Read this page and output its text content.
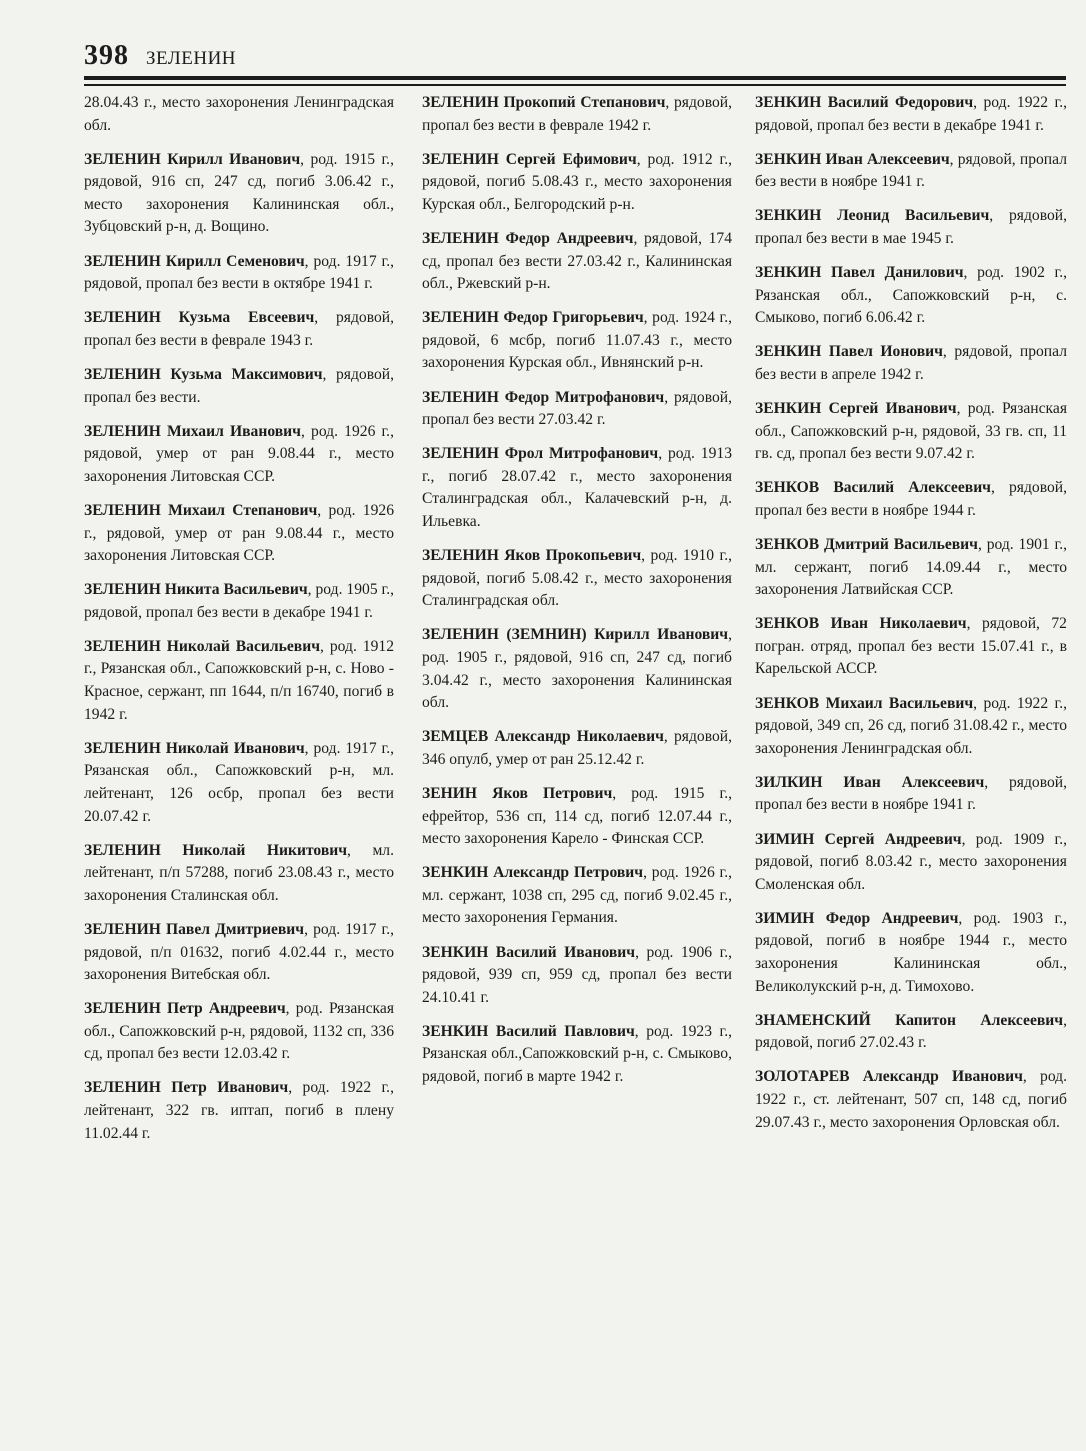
398 ЗЕЛЕНИН

28.04.43 г., место захоронения Ленинградская обл.

ЗЕЛЕНИН Кирилл Иванович, род. 1915 г., рядовой, 916 сп, 247 сд, погиб 3.06.42 г., место захоронения Калининская обл., Зубцовский р-н, д. Вощино.

ЗЕЛЕНИН Кирилл Семенович, род. 1917 г., рядовой, пропал без вести в октябре 1941 г.

ЗЕЛЕНИН Кузьма Евсеевич, рядовой, пропал без вести в феврале 1943 г.

ЗЕЛЕНИН Кузьма Максимович, рядовой, пропал без вести.

ЗЕЛЕНИН Михаил Иванович, род. 1926 г., рядовой, умер от ран 9.08.44 г., место захоронения Литовская ССР.

ЗЕЛЕНИН Михаил Степанович, род. 1926 г., рядовой, умер от ран 9.08.44 г., место захоронения Литовская ССР.

ЗЕЛЕНИН Никита Васильевич, род. 1905 г., рядовой, пропал без вести в декабре 1941 г.

ЗЕЛЕНИН Николай Васильевич, род. 1912 г., Рязанская обл., Сапожковский р-н, с. Ново - Красное, сержант, пп 1644, п/п 16740, погиб в 1942 г.

ЗЕЛЕНИН Николай Иванович, род. 1917 г., Рязанская обл., Сапожковский р-н, мл. лейтенант, 126 осбр, пропал без вести 20.07.42 г.

ЗЕЛЕНИН Николай Никитович, мл. лейтенант, п/п 57288, погиб 23.08.43 г., место захоронения Сталинская обл.

ЗЕЛЕНИН Павел Дмитриевич, род. 1917 г., рядовой, п/п 01632, погиб 4.02.44 г., место захоронения Витебская обл.

ЗЕЛЕНИН Петр Андреевич, род. Рязанская обл., Сапожковский р-н, рядовой, 1132 сп, 336 сд, пропал без вести 12.03.42 г.

ЗЕЛЕНИН Петр Иванович, род. 1922 г., лейтенант, 322 гв. иптап, погиб в плену 11.02.44 г.

ЗЕЛЕНИН Прокопий Степанович, рядовой, пропал без вести в феврале 1942 г.

ЗЕЛЕНИН Сергей Ефимович, род. 1912 г., рядовой, погиб 5.08.43 г., место захоронения Курская обл., Белгородский р-н.

ЗЕЛЕНИН Федор Андреевич, рядовой, 174 сд, пропал без вести 27.03.42 г., Калининская обл., Ржевский р-н.

ЗЕЛЕНИН Федор Григорьевич, род. 1924 г., рядовой, 6 мсбр, погиб 11.07.43 г., место захоронения Курская обл., Ивнянский р-н.

ЗЕЛЕНИН Федор Митрофанович, рядовой, пропал без вести 27.03.42 г.

ЗЕЛЕНИН Фрол Митрофанович, род. 1913 г., погиб 28.07.42 г., место захоронения Сталинградская обл., Калачевский р-н, д. Ильевка.

ЗЕЛЕНИН Яков Прокопьевич, род. 1910 г., рядовой, погиб 5.08.42 г., место захоронения Сталинградская обл.

ЗЕЛЕНИН (ЗЕМНИН) Кирилл Иванович, род. 1905 г., рядовой, 916 сп, 247 сд, погиб 3.04.42 г., место захоронения Калининская обл.

ЗЕМЦЕВ Александр Николаевич, рядовой, 346 опулб, умер от ран 25.12.42 г.

ЗЕНИН Яков Петрович, род. 1915 г., ефрейтор, 536 сп, 114 сд, погиб 12.07.44 г., место захоронения Карело - Финская ССР.

ЗЕНКИН Александр Петрович, род. 1926 г., мл. сержант, 1038 сп, 295 сд, погиб 9.02.45 г., место захоронения Германия.

ЗЕНКИН Василий Иванович, род. 1906 г., рядовой, 939 сп, 959 сд, пропал без вести 24.10.41 г.

ЗЕНКИН Василий Павлович, род. 1923 г., Рязанская обл.,Сапожковский р-н, с. Смыково, рядовой, погиб в марте 1942 г.

ЗЕНКИН Василий Федорович, род. 1922 г., рядовой, пропал без вести в декабре 1941 г.

ЗЕНКИН Иван Алексеевич, рядовой, пропал без вести в ноябре 1941 г.

ЗЕНКИН Леонид Васильевич, рядовой, пропал без вести в мае 1945 г.

ЗЕНКИН Павел Данилович, род. 1902 г., Рязанская обл., Сапожковский р-н, с. Смыково, погиб 6.06.42 г.

ЗЕНКИН Павел Ионович, рядовой, пропал без вести в апреле 1942 г.

ЗЕНКИН Сергей Иванович, род. Рязанская обл., Сапожковский р-н, рядовой, 33 гв. сп, 11 гв. сд, пропал без вести 9.07.42 г.

ЗЕНКОВ Василий Алексеевич, рядовой, пропал без вести в ноябре 1944 г.

ЗЕНКОВ Дмитрий Васильевич, род. 1901 г., мл. сержант, погиб 14.09.44 г., место захоронения Латвийская ССР.

ЗЕНКОВ Иван Николаевич, рядовой, 72 погран. отряд, пропал без вести 15.07.41 г., в Карельской АССР.

ЗЕНКОВ Михаил Васильевич, род. 1922 г., рядовой, 349 сп, 26 сд, погиб 31.08.42 г., место захоронения Ленинградская обл.

ЗИЛКИН Иван Алексеевич, рядовой, пропал без вести в ноябре 1941 г.

ЗИМИН Сергей Андреевич, род. 1909 г., рядовой, погиб 8.03.42 г., место захоронения Смоленская обл.

ЗИМИН Федор Андреевич, род. 1903 г., рядовой, погиб в ноябре 1944 г., место захоронения Калининская обл., Великолукский р-н, д. Тимохово.

ЗНАМЕНСКИЙ Капитон Алексеевич, рядовой, погиб 27.02.43 г.

ЗОЛОТАРЕВ Александр Иванович, род. 1922 г., ст. лейтенант, 507 сп, 148 сд, погиб 29.07.43 г., место захоронения Орловская обл.
